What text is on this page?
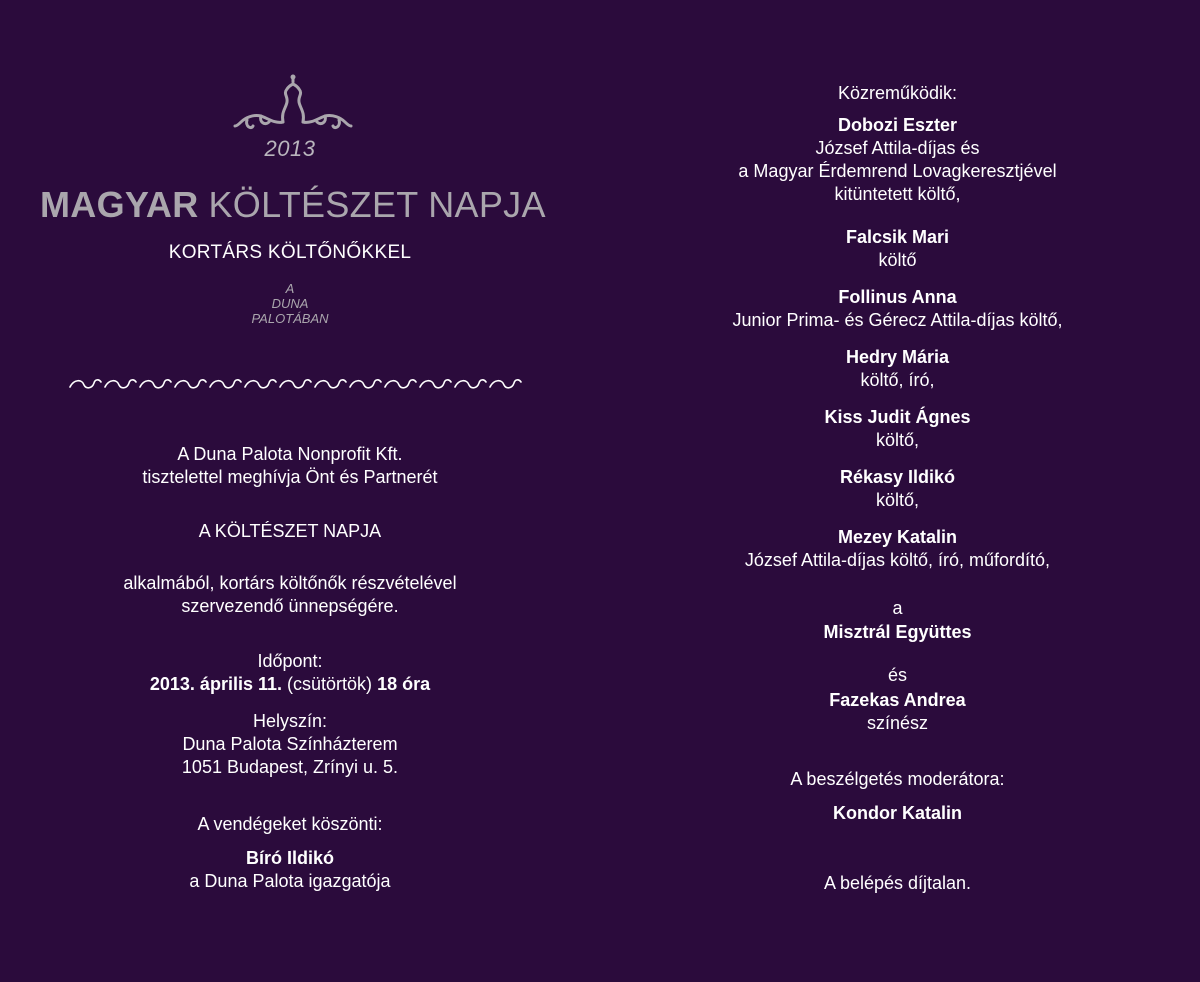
2013
MAGYAR KÖLTÉSZET NAPJA
KORTÁRS KÖLTŐNŐKKEL
A
DUNA
PALOTÁBAN
A Duna Palota Nonprofit Kft.
tisztelettel meghívja Önt és Partnerét
A KÖLTÉSZET NAPJA
alkalmából, kortárs költőnők részvételével
szervezendő ünnepségére.
Időpont:
2013. április 11. (csütörtök) 18 óra
Helyszín:
Duna Palota Színházterem
1051 Budapest, Zrínyi u. 5.
A vendégeket köszönti:
Bíró Ildikó
a Duna Palota igazgatója
Közreműködik:
Dobozi Eszter
József Attila-díjas és
a Magyar Érdemrend Lovagkeresztjével
kitüntetett költő,
Falcsik Mari
költő
Follinus Anna
Junior Prima- és Gérecz Attila-díjas költő,
Hedry Mária
költő, író,
Kiss Judit Ágnes
költő,
Rékasy Ildikó
költő,
Mezey Katalin
József Attila-díjas költő, író, műfordító,
a
Misztrál Együttes
és
Fazekas Andrea
színész
A beszélgetés moderátora:
Kondor Katalin
A belépés díjtalan.
